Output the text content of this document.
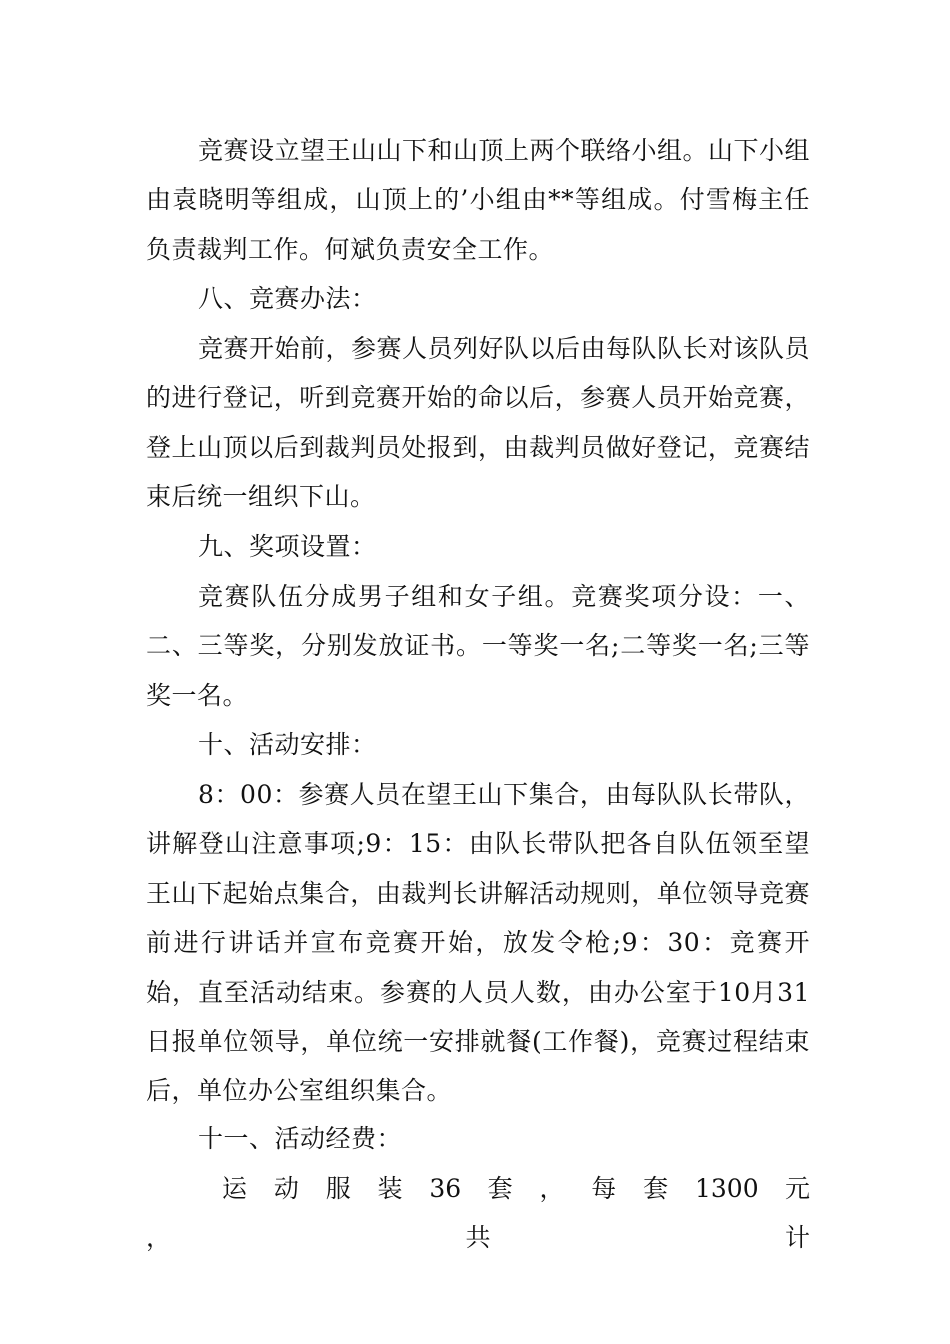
竞赛设立望王山山下和山顶上两个联络小组。山下小组由袁晓明等组成，山顶上的’小组由**等组成。付雪梅主任负责裁判工作。何斌负责安全工作。

八、竞赛办法：

竞赛开始前，参赛人员列好队以后由每队队长对该队员的进行登记，听到竞赛开始的命以后，参赛人员开始竞赛，登上山顶以后到裁判员处报到，由裁判员做好登记，竞赛结束后统一组织下山。

九、奖项设置：

竞赛队伍分成男子组和女子组。竞赛奖项分设：一、二、三等奖，分别发放证书。一等奖一名;二等奖一名;三等奖一名。

十、活动安排：

8：00：参赛人员在望王山下集合，由每队队长带队，讲解登山注意事项;9：15：由队长带队把各自队伍领至望王山下起始点集合，由裁判长讲解活动规则，单位领导竞赛前进行讲话并宣布竞赛开始，放发令枪;9：30：竞赛开始，直至活动结束。参赛的人员人数，由办公室于10月31日报单位领导，单位统一安排就餐(工作餐)，竞赛过程结束后，单位办公室组织集合。

十一、活动经费：

运 动 服 装 36 套 ， 每 套 1300 元 ， 共 计
